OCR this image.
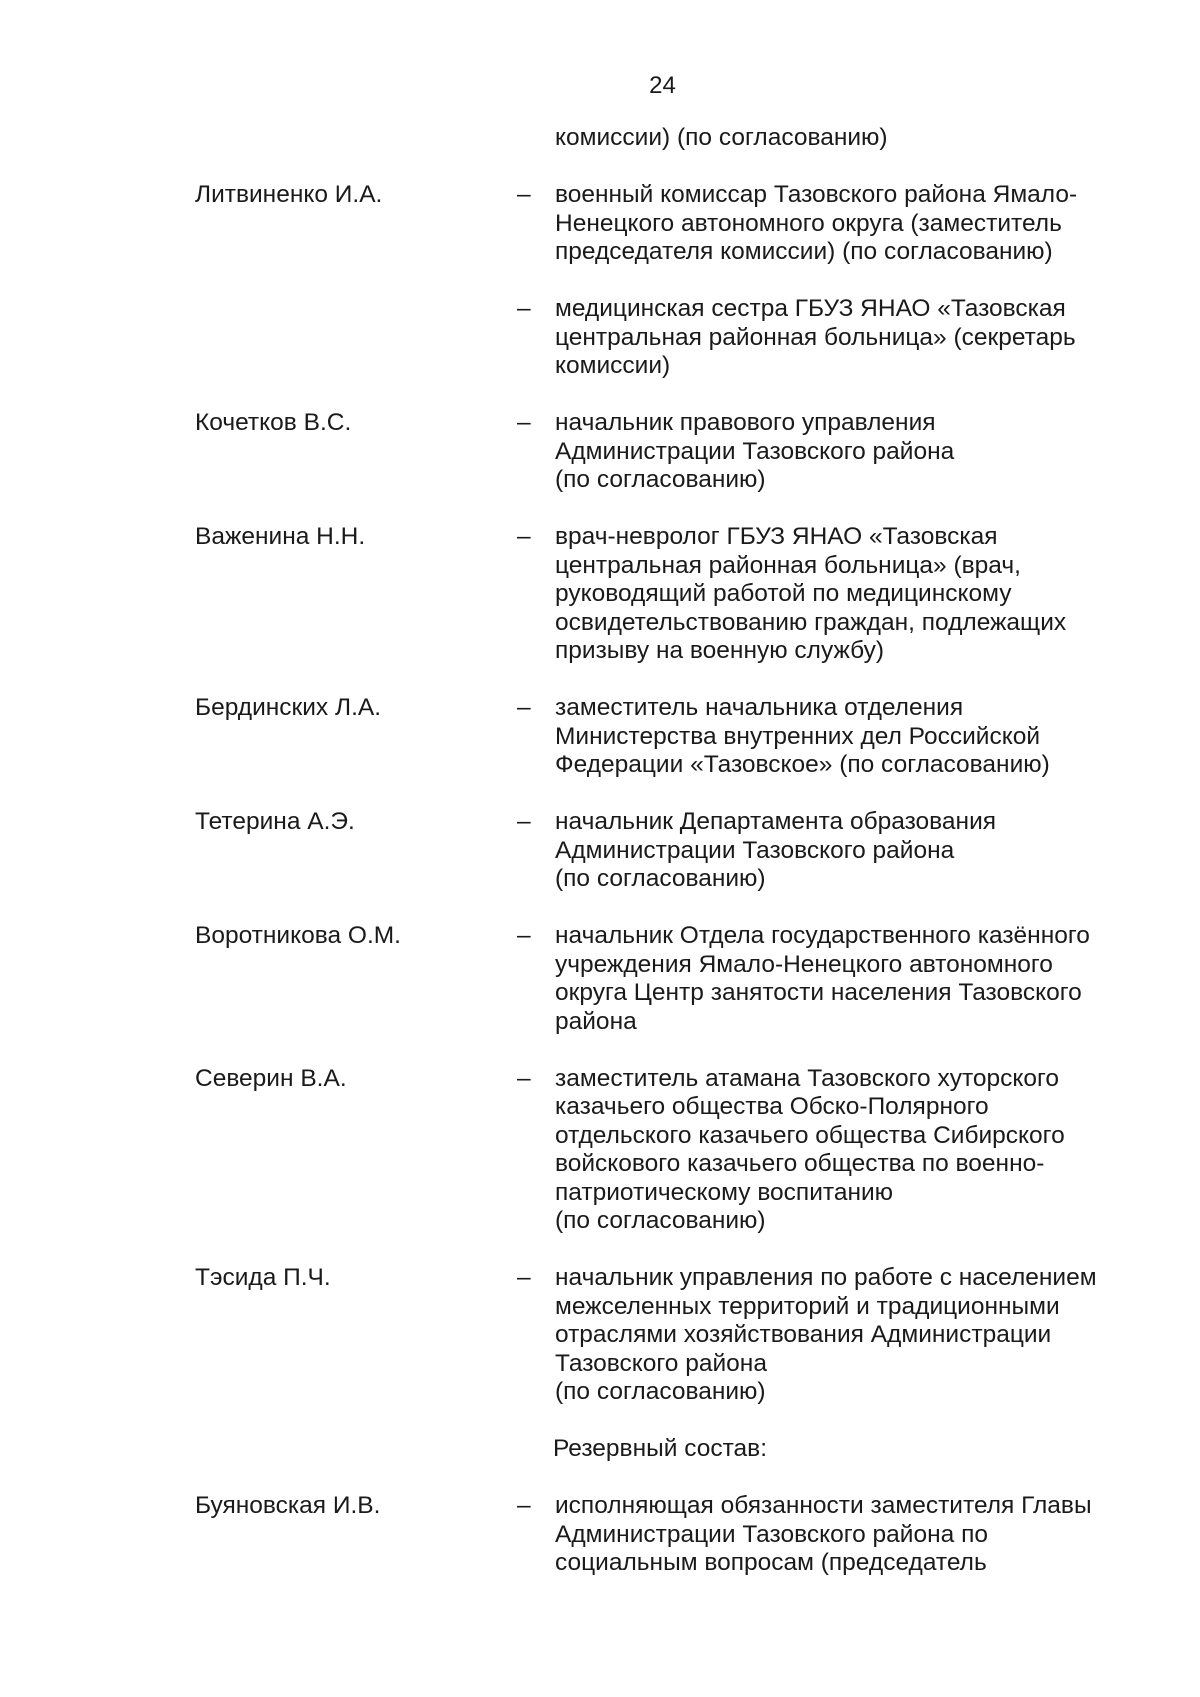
24
комиссии) (по согласованию)
Литвиненко И.А.	– военный комиссар Тазовского района Ямало-
Ненецкого автономного округа (заместитель
председателя комиссии) (по согласованию)
– медицинская сестра ГБУЗ ЯНАО «Тазовская
центральная районная больница» (секретарь
комиссии)
Кочетков В.С.	– начальник правового управления
Администрации Тазовского района
(по согласованию)
Важенина Н.Н.	– врач-невролог ГБУЗ ЯНАО «Тазовская
центральная районная больница» (врач,
руководящий работой по медицинскому
освидетельствованию граждан, подлежащих
призыву на военную службу)
Бердинских Л.А.	– заместитель начальника отделения
Министерства внутренних дел Российской
Федерации «Тазовское» (по согласованию)
Тетерина А.Э.	– начальник Департамента образования
Администрации Тазовского района
(по согласованию)
Воротникова О.М.	– начальник Отдела государственного казённого
учреждения Ямало-Ненецкого автономного
округа Центр занятости населения Тазовского
района
Северин В.А.	– заместитель атамана Тазовского хуторского
казачьего общества Обско-Полярного
отдельского казачьего общества Сибирского
войскового казачьего общества по военно-
патриотическому воспитанию
(по согласованию)
Тэсида П.Ч.	– начальник управления по работе с населением
межселенных территорий и традиционными
отраслями хозяйствования Администрации
Тазовского района
(по согласованию)
Резервный состав:
Буяновская И.В.	– исполняющая обязанности заместителя Главы
Администрации Тазовского района по
социальным вопросам (председатель
